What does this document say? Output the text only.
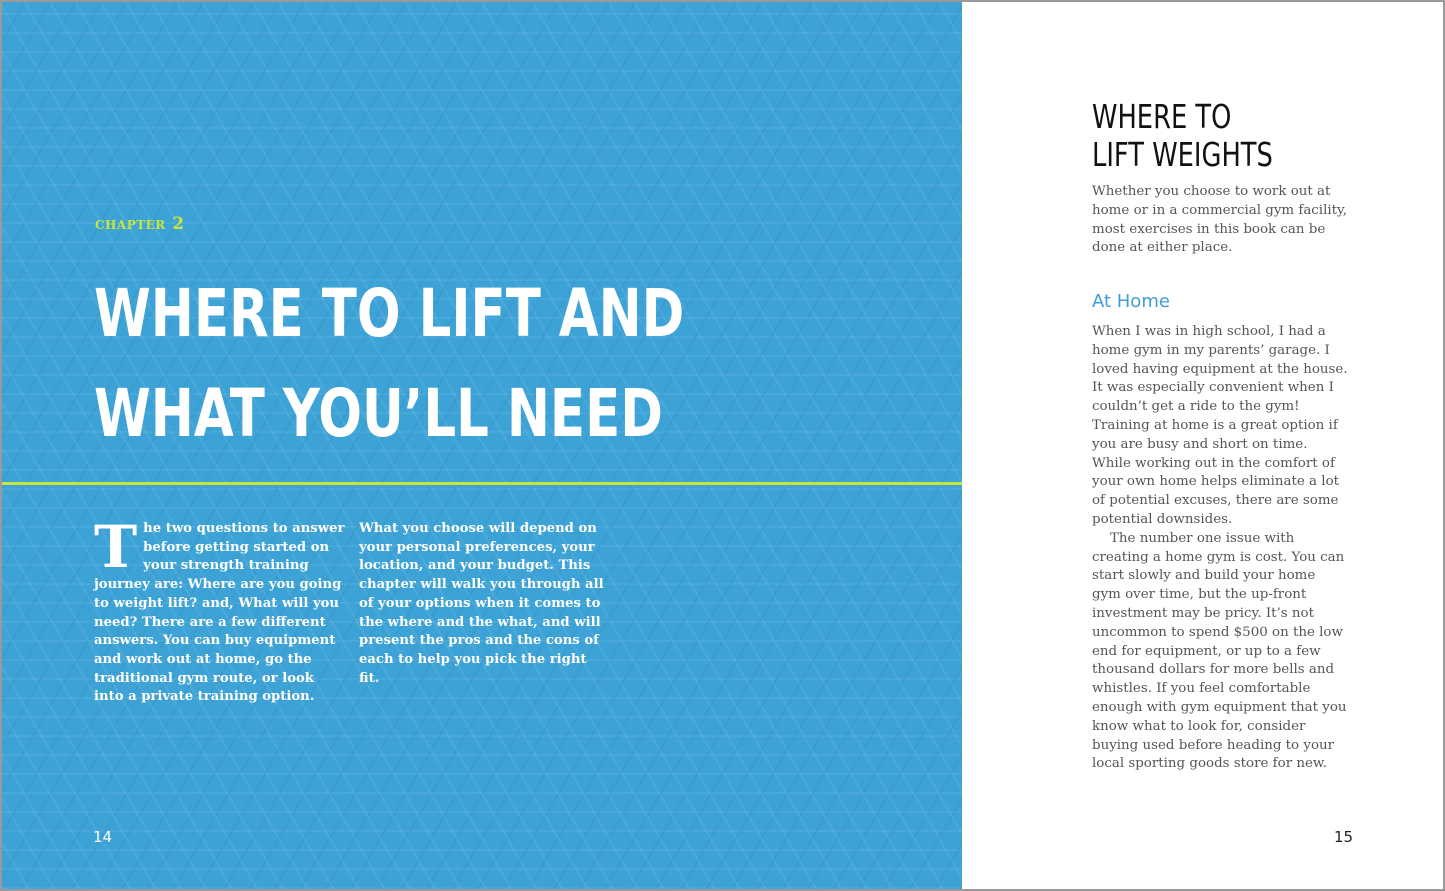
chapter 2
WHERE TO LIFT AND
WHAT YOU’LL NEED

The two questions to answer before getting started on your strength training journey are: Where are you going to weight lift? and, What will you need? There are a few different answers. You can buy equipment and work out at home, go the traditional gym route, or look into a private training option. What you choose will depend on your personal preferences, your location, and your budget. This chapter will walk you through all of your options when it comes to the where and the what, and will present the pros and the cons of each to help you pick the right fit.

14
WHERE TO
LIFT WEIGHTS

Whether you choose to work out at home or in a commercial gym facility, most exercises in this book can be done at either place.

At Home

When I was in high school, I had a home gym in my parents’ garage. I loved having equipment at the house. It was especially convenient when I couldn’t get a ride to the gym! Training at home is a great option if you are busy and short on time. While working out in the comfort of your own home helps eliminate a lot of potential excuses, there are some potential downsides.

The number one issue with creating a home gym is cost. You can start slowly and build your home gym over time, but the up-front investment may be pricy. It’s not uncommon to spend $500 on the low end for equipment, or up to a few thousand dollars for more bells and whistles. If you feel comfortable enough with gym equipment that you know what to look for, consider buying used before heading to your local sporting goods store for new.

15
